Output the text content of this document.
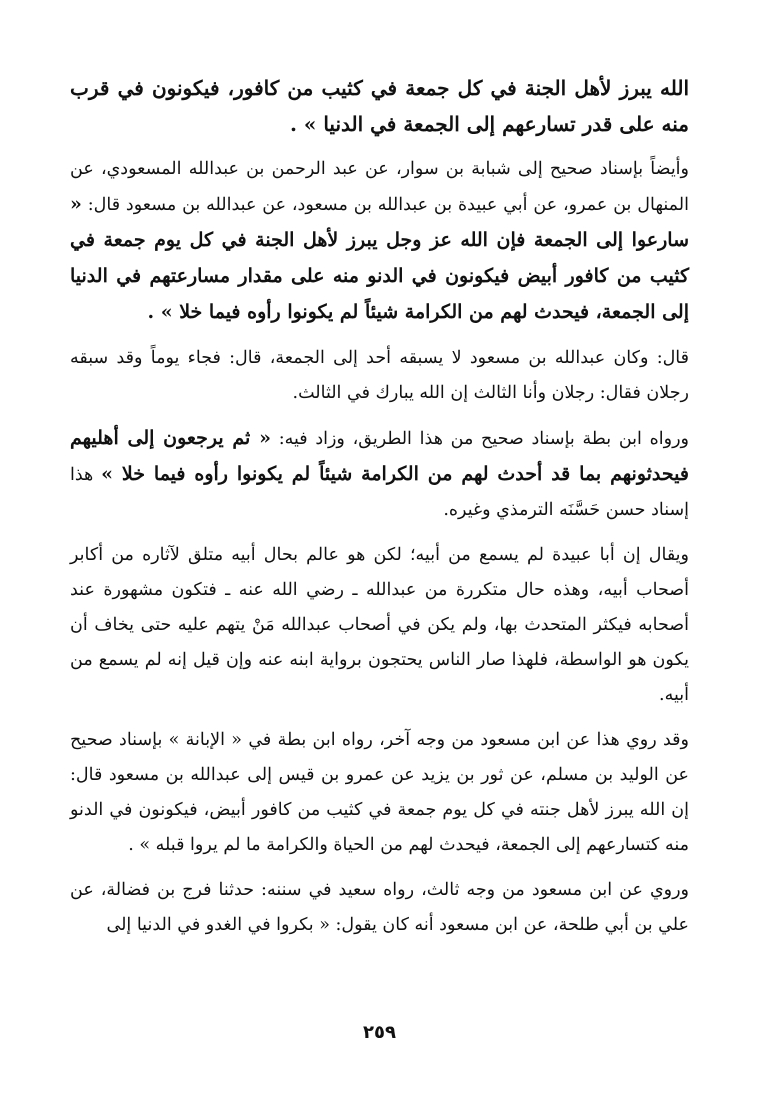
الله يبرز لأهل الجنة في كل جمعة في كثيب من كافور، فيكونون في قرب منه على قدر تسارعهم إلى الجمعة في الدنيا » .

وأيضاً بإسناد صحيح إلى شبابة بن سوار، عن عبد الرحمن بن عبدالله المسعودي، عن المنهال بن عمرو، عن أبي عبيدة بن عبدالله بن مسعود، عن عبدالله بن مسعود قال: « سارعوا إلى الجمعة فإن الله عز وجل يبرز لأهل الجنة في كل يوم جمعة في كثيب من كافور أبيض فيكونون في الدنو منه على مقدار مسارعتهم في الدنيا إلى الجمعة، فيحدث لهم من الكرامة شيئاً لم يكونوا رأوه فيما خلا » .

قال: وكان عبدالله بن مسعود لا يسبقه أحد إلى الجمعة، قال: فجاء يوماً وقد سبقه رجلان فقال: رجلان وأنا الثالث إن الله يبارك في الثالث.

ورواه ابن بطة بإسناد صحيح من هذا الطريق، وزاد فيه: « ثم يرجعون إلى أهليهم فيحدثونهم بما قد أحدث لهم من الكرامة شيئاً لم يكونوا رأوه فيما خلا » هذا إسناد حسن حَسَّنَه الترمذي وغيره.

ويقال إن أبا عبيدة لم يسمع من أبيه؛ لكن هو عالم بحال أبيه متلق لآثاره من أكابر أصحاب أبيه، وهذه حال متكررة من عبدالله ـ رضي الله عنه ـ فتكون مشهورة عند أصحابه فيكثر المتحدث بها، ولم يكن في أصحاب عبدالله مَنْ يتهم عليه حتى يخاف أن يكون هو الواسطة، فلهذا صار الناس يحتجون برواية ابنه عنه وإن قيل إنه لم يسمع من أبيه.

وقد روي هذا عن ابن مسعود من وجه آخر، رواه ابن بطة في « الإبانة » بإسناد صحيح عن الوليد بن مسلم، عن ثور بن يزيد عن عمرو بن قيس إلى عبدالله بن مسعود قال: إن الله يبرز لأهل جنته في كل يوم جمعة في كثيب من كافور أبيض، فيكونون في الدنو منه كتسارعهم إلى الجمعة، فيحدث لهم من الحياة والكرامة ما لم يروا قبله » .

وروي عن ابن مسعود من وجه ثالث، رواه سعيد في سننه: حدثنا فرج بن فضالة، عن علي بن أبي طلحة، عن ابن مسعود أنه كان يقول: « بكروا في الغدو في الدنيا إلى

٢٥٩
